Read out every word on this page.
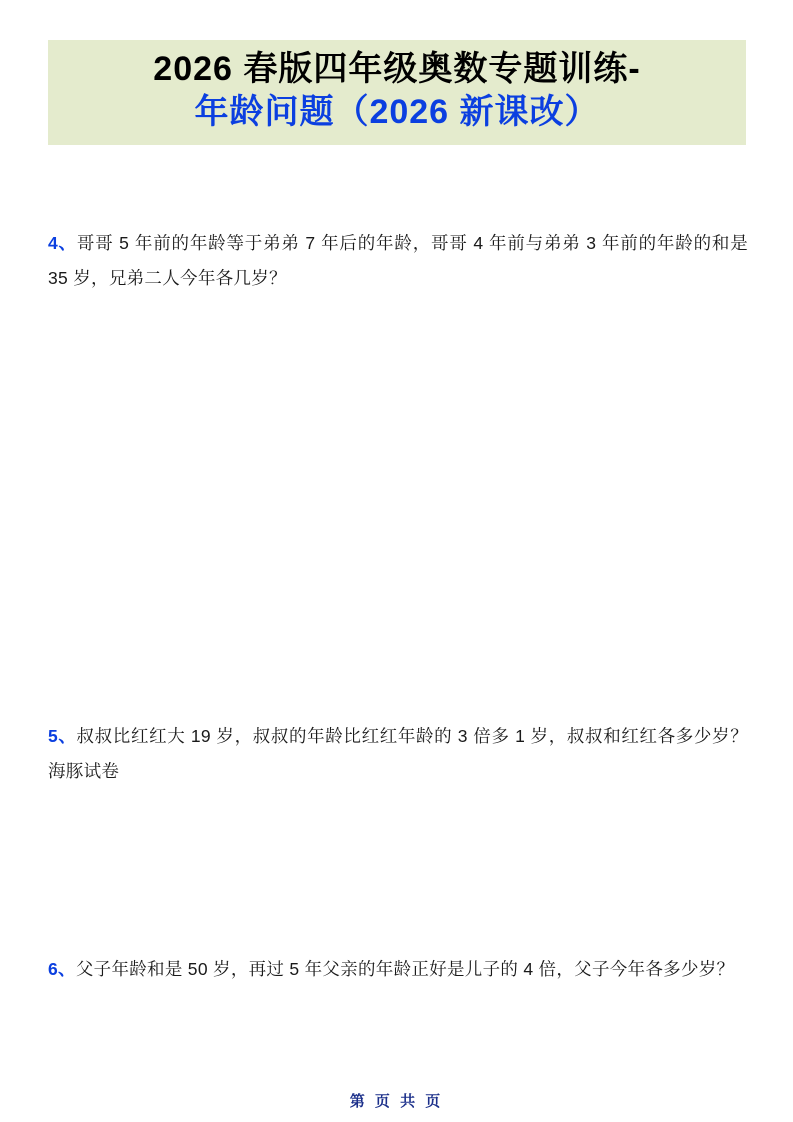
2026 春版四年级奥数专题训练-
年龄问题（2026 新课改）

4、哥哥 5 年前的年龄等于弟弟 7 年后的年龄，哥哥 4 年前与弟弟 3 年前的年龄的和是 35 岁，兄弟二人今年各几岁？

5、叔叔比红红大 19 岁，叔叔的年龄比红红年龄的 3 倍多 1 岁，叔叔和红红各多少岁？海豚试卷

6、父子年龄和是 50 岁，再过 5 年父亲的年龄正好是儿子的 4 倍，父子今年各多少岁？

第 页 共 页
